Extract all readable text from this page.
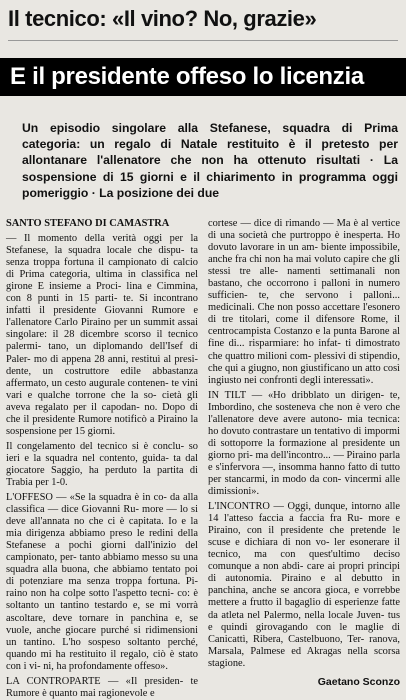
Il tecnico: «Il vino? No, grazie»
E il presidente offeso lo licenzia
Un episodio singolare alla Stefanese, squadra di Prima categoria: un regalo di Natale restituito è il pretesto per allontanare l'allenatore che non ha ottenuto risultati · La sospensione di 15 giorni e il chiarimento in programma oggi pomeriggio · La posizione dei due

SANTO STEFANO DI CAMASTRA

— Il momento della verità oggi per la Stefanese, la squadra locale che dispu- ta senza troppa fortuna il campionato di calcio di Prima categoria, ultima in classifica nel girone E insieme a Proci- lina e Cimmina, con 8 punti in 15 parti- te. Si incontrano infatti il presidente Giovanni Rumore e l'allenatore Carlo Piraino per un summit assai singolare: il 28 dicembre scorso il tecnico palermi- tano, un diplomando dell'Isef di Paler- mo di appena 28 anni, restituì al presi- dente, un costruttore edile abbastanza affermato, un cesto augurale contenen- te vini vari e qualche torrone che la so- cietà gli aveva regalato per il capodan- no. Dopo di che il presidente Rumore notificò a Piraino la sospensione per 15 giorni.

Il congelamento del tecnico si è conclu- so ieri e la squadra nel contento, guida- ta dal giocatore Saggio, ha perduto la partita di Trabia per 1-0.

L'OFFESO — «Se la squadra è in co- da alla classifica — dice Giovanni Ru- more — lo si deve all'annata no che ci è capitata. Io e la mia dirigenza abbiamo preso le redini della Stefanese a pochi giorni dall'inizio del campionato, per- tanto abbiamo messo su una squadra alla buona, che abbiamo tentato poi di potenziare ma senza troppa fortuna. Pi- raino non ha colpe sotto l'aspetto tecni- co: è soltanto un tantino testardo e, se mi vorrà ascoltare, deve tornare in panchina e, se vuole, anche giocare purché si ridimensioni un tantino. L'ho sospeso soltanto perché, quando mi ha restituito il regalo, ciò è stato con i vi- ni, ha profondamente offeso».

LA CONTROPARTE — «Il presiden- te Rumore è quanto mai ragionevole e

cortese — dice di rimando — Ma è al vertice di una società che purtroppo è inesperta. Ho dovuto lavorare in un am- biente impossibile, anche fra chi non ha mai voluto capire che gli stessi tre alle- namenti settimanali non bastano, che occorrono i palloni in numero sufficien- te, che servono i palloni... medicinali. Che non posso accettare l'esonero di tre titolari, come il difensore Rome, il centrocampista Costanzo e la punta Barone al fine di... risparmiare: ho infat- ti dimostrato che quattro milioni com- plessivi di stipendio, che qui a giugno, non giustificano un atto così ingiusto nei confronti degli interessati».

IN TILT — «Ho dribblato un dirigen- te, Imbordino, che sosteneva che non è vero che l'allenatore deve avere autono- mia tecnica: ho dovuto contrastare un tentativo di impormi di sottoporre la formazione al presidente un giorno pri- ma dell'incontro... — Piraino parla e s'infervora —, insomma hanno fatto di tutto per stancarmi, in modo da con- vincermi alle dimissioni».

L'INCONTRO — Oggi, dunque, intorno alle 14 l'atteso faccia a faccia fra Ru- more e Piraino, con il presidente che pretende le scuse e dichiara di non vo- ler esonerare il tecnico, ma con quest'ultimo deciso comunque a non abdi- care ai propri principi di autonomia. Piraino e al debutto in panchina, anche se ancora gioca, e vorrebbe mettere a frutto il bagaglio di esperienze fatte da atleta nel Palermo, nella locale Juven- tus e quindi girovagando con le maglie di Canicattì, Ribera, Castelbuono, Ter- ranova, Marsala, Palmese ed Akragas nella scorsa stagione.

Gaetano Sconzo
